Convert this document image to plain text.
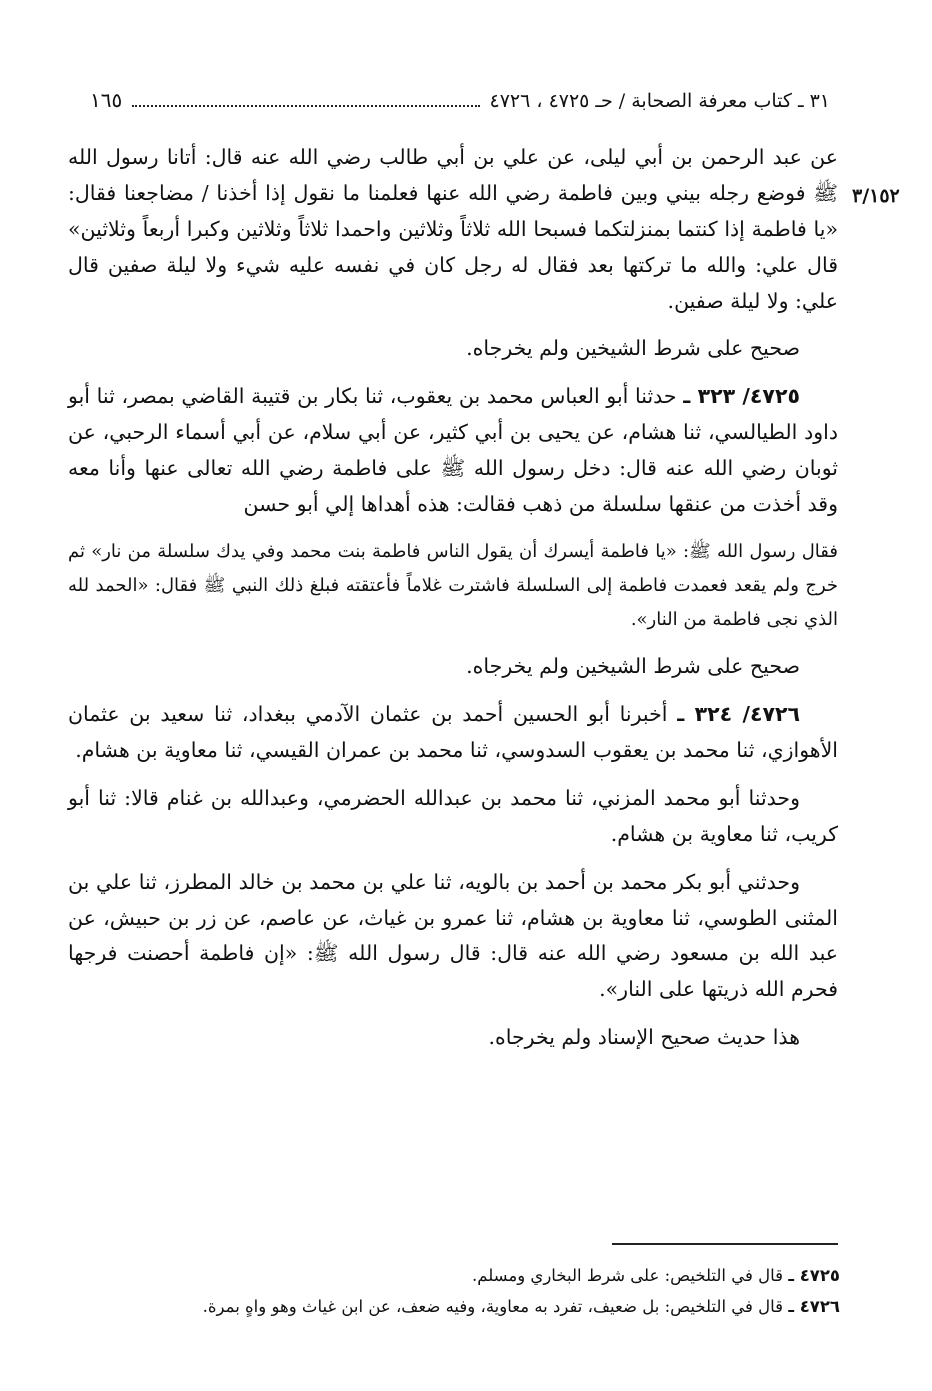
٣١ ـ كتاب معرفة الصحابة / حـ ٤٧٢٥ ، ٤٧٢٦
١٦٥
٣/١٥٢

عن عبد الرحمن بن أبي ليلى، عن علي بن أبي طالب رضي الله عنه قال: أتانا رسول الله ﷺ فوضع رجله بيني وبين فاطمة رضي الله عنها فعلمنا ما نقول إذا أخذنا / مضاجعنا فقال: «يا فاطمة إذا كنتما بمنزلتكما فسبحا الله ثلاثاً وثلاثين واحمدا ثلاثاً وثلاثين وكبرا أربعاً وثلاثين» قال علي: والله ما تركتها بعد فقال له رجل كان في نفسه عليه شيء ولا ليلة صفين قال علي: ولا ليلة صفين.

صحيح على شرط الشيخين ولم يخرجاه.

٤٧٢٥/ ٣٢٣ ـ حدثنا أبو العباس محمد بن يعقوب، ثنا بكار بن قتيبة القاضي بمصر، ثنا أبو داود الطيالسي، ثنا هشام، عن يحيى بن أبي كثير، عن أبي سلام، عن أبي أسماء الرحبي، عن ثوبان رضي الله عنه قال: دخل رسول الله ﷺ على فاطمة رضي الله تعالى عنها وأنا معه وقد أخذت من عنقها سلسلة من ذهب فقالت: هذه أهداها إلي أبو حسن

فقال رسول الله ﷺ: «يا فاطمة أيسرك أن يقول الناس فاطمة بنت محمد وفي يدك سلسلة من نار» ثم خرج ولم يقعد فعمدت فاطمة إلى السلسلة فاشترت غلاماً فأعتقته فبلغ ذلك النبي ﷺ فقال: «الحمد لله الذي نجى فاطمة من النار».

صحيح على شرط الشيخين ولم يخرجاه.

٤٧٢٦/ ٣٢٤ ـ أخبرنا أبو الحسين أحمد بن عثمان الآدمي ببغداد، ثنا سعيد بن عثمان الأهوازي، ثنا محمد بن يعقوب السدوسي، ثنا محمد بن عمران القيسي، ثنا معاوية بن هشام.

وحدثنا أبو محمد المزني، ثنا محمد بن عبدالله الحضرمي، وعبدالله بن غنام قالا: ثنا أبو كريب، ثنا معاوية بن هشام.

وحدثني أبو بكر محمد بن أحمد بن بالويه، ثنا علي بن محمد بن خالد المطرز، ثنا علي بن المثنى الطوسي، ثنا معاوية بن هشام، ثنا عمرو بن غياث، عن عاصم، عن زر بن حبيش، عن عبد الله بن مسعود رضي الله عنه قال: قال رسول الله ﷺ: «إن فاطمة أحصنت فرجها فحرم الله ذريتها على النار».

هذا حديث صحيح الإسناد ولم يخرجاه.

٤٧٢٥ ـ قال في التلخيص: على شرط البخاري ومسلم.

٤٧٢٦ ـ قال في التلخيص: بل ضعيف، تفرد به معاوية، وفيه ضعف، عن ابن غياث وهو واهٍ بمرة.
